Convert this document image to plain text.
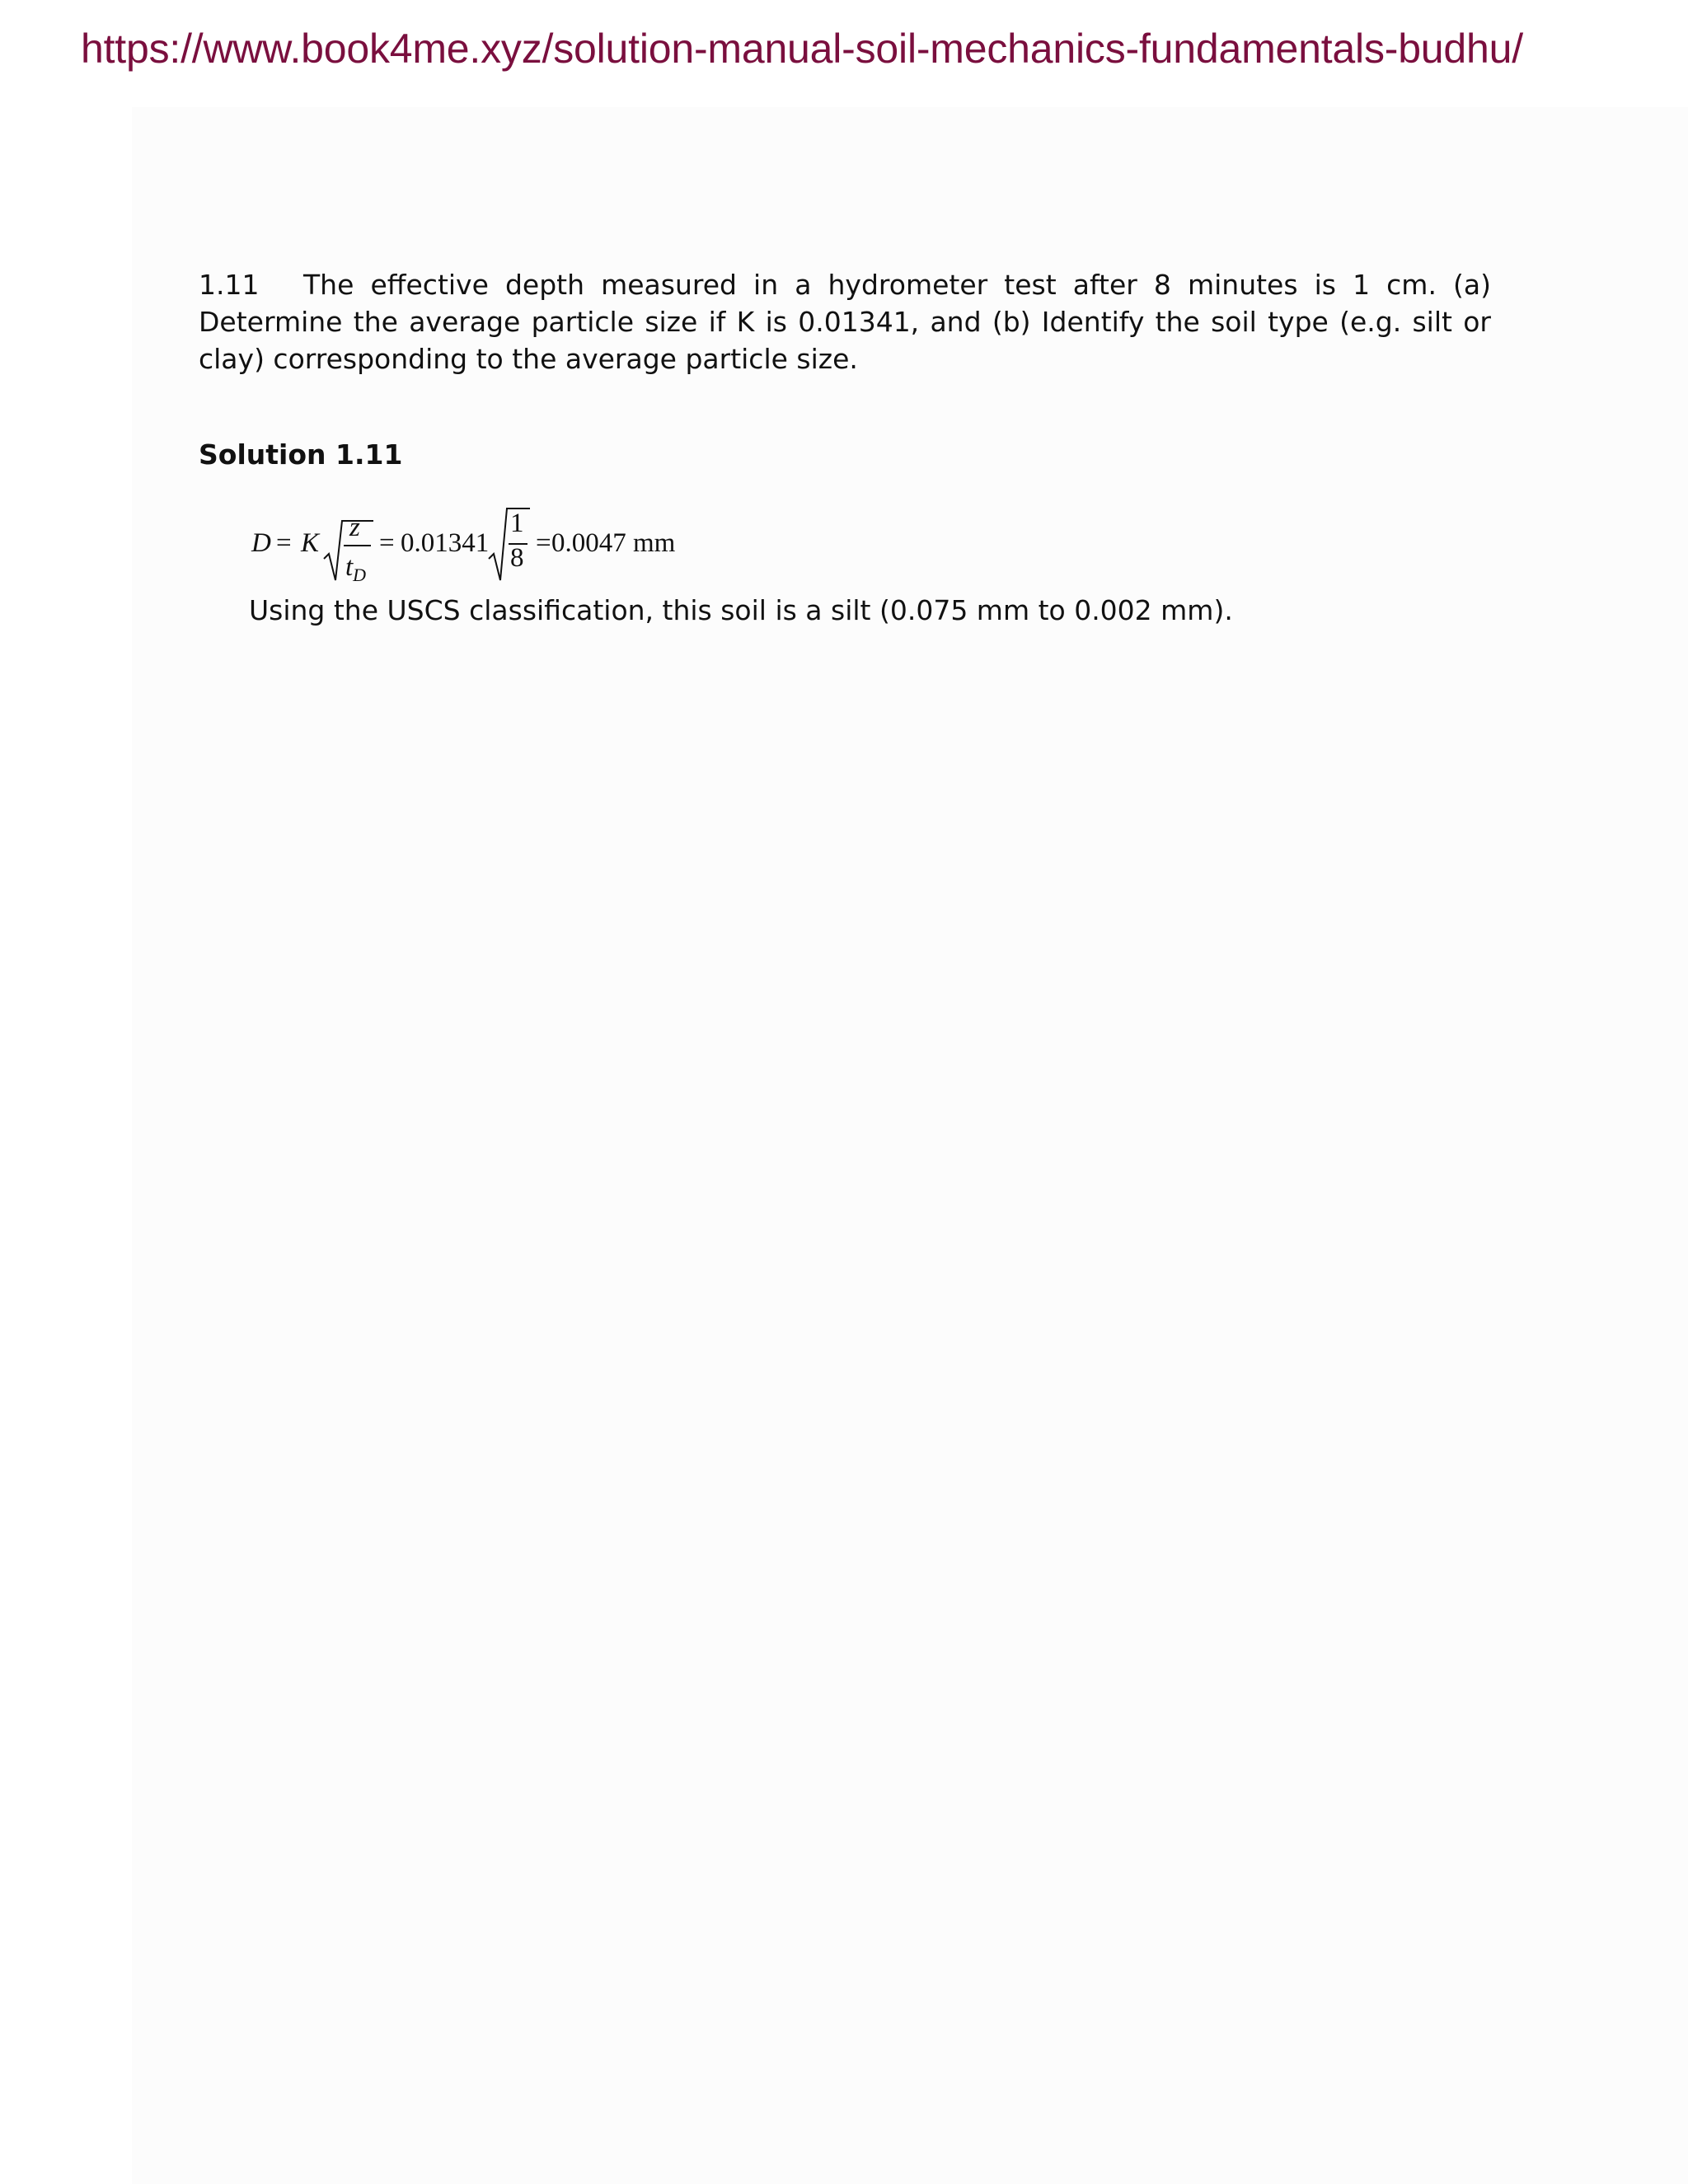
https://www.book4me.xyz/solution-manual-soil-mechanics-fundamentals-budhu/

1.11 The effective depth measured in a hydrometer test after 8 minutes is 1 cm. (a) Determine the average particle size if K is 0.01341, and (b) Identify the soil type (e.g. silt or clay) corresponding to the average particle size.

Solution 1.11

D = K
z
$t_D$
= 0.01341
1
8 = 0.0047 mm

Using the USCS classification, this soil is a silt (0.075 mm to 0.002 mm).
